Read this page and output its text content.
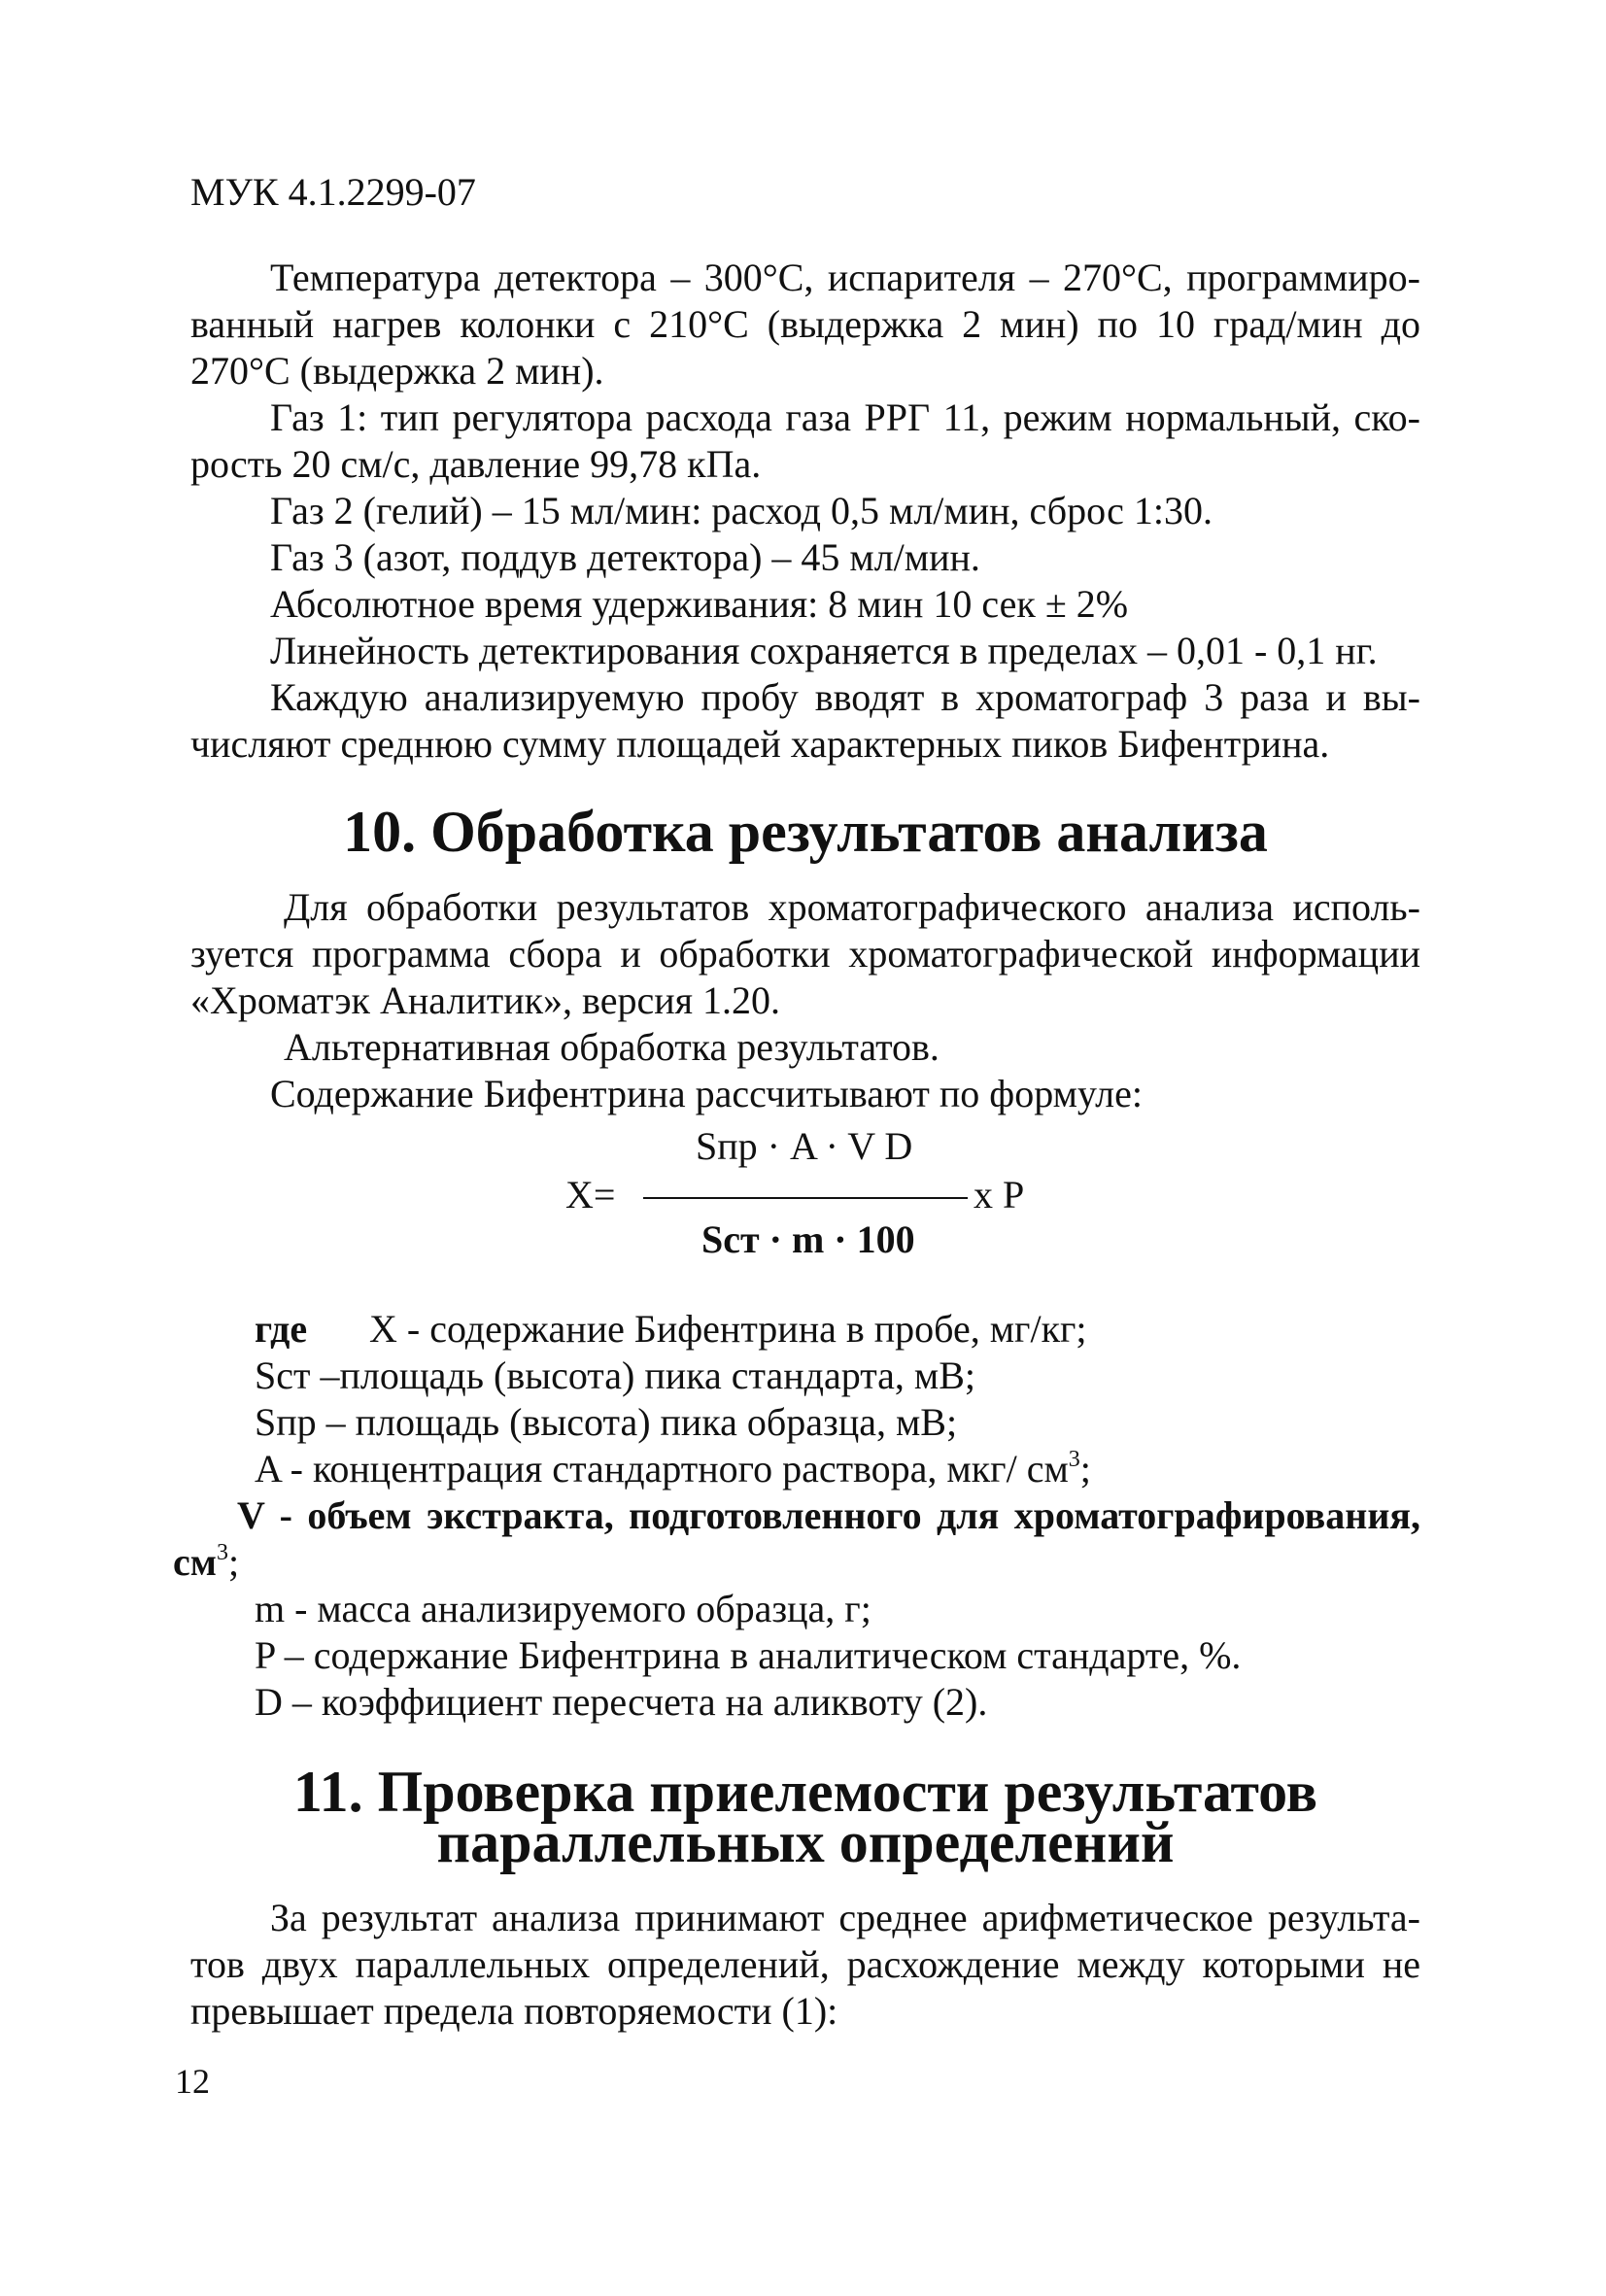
МУК 4.1.2299-07

Температура детектора – 300°С, испарителя – 270°С, программиро-ванный нагрев колонки с 210°С (выдержка 2 мин) по 10 град/мин до 270°С (выдержка 2 мин).

Газ 1: тип регулятора расхода газа РРГ 11, режим нормальный, ско-рость 20 см/с, давление 99,78 кПа.

Газ 2 (гелий) – 15 мл/мин: расход 0,5 мл/мин, сброс 1:30.

Газ 3 (азот, поддув детектора) – 45 мл/мин.

Абсолютное время удерживания: 8 мин 10 сек ± 2%

Линейность детектирования сохраняется в пределах – 0,01 - 0,1 нг.

Каждую анализируемую пробу вводят в хроматограф 3 раза и вы-числяют среднюю сумму площадей характерных пиков Бифентрина.

10. Обработка результатов анализа

Для обработки результатов хроматографического анализа исполь-зуется программа сбора и обработки хроматографической информации «Хроматэк Аналитик», версия 1.20.

Альтернативная обработка результатов.

Содержание Бифентрина рассчитывают по формуле:

Sпр · A · V D
X=	x P
Sст · m · 100

где X - содержание Бифентрина в пробе, мг/кг;

Sст –площадь (высота) пика стандарта, мВ;

Sпр – площадь (высота) пика образца, мВ;

A - концентрация стандартного раствора, мкг/ $см^3$;

V - объем экстракта, подготовленного для хроматографирования, $см^3$;

m - масса анализируемого образца, г;

P – содержание Бифентрина в аналитическом стандарте, %.

D – коэффициент пересчета на аликвоту (2).

11. Проверка приелемости результатов
параллельных определений

За результат анализа принимают среднее арифметическое результа-тов двух параллельных определений, расхождение между которыми не превышает предела повторяемости (1):

12
